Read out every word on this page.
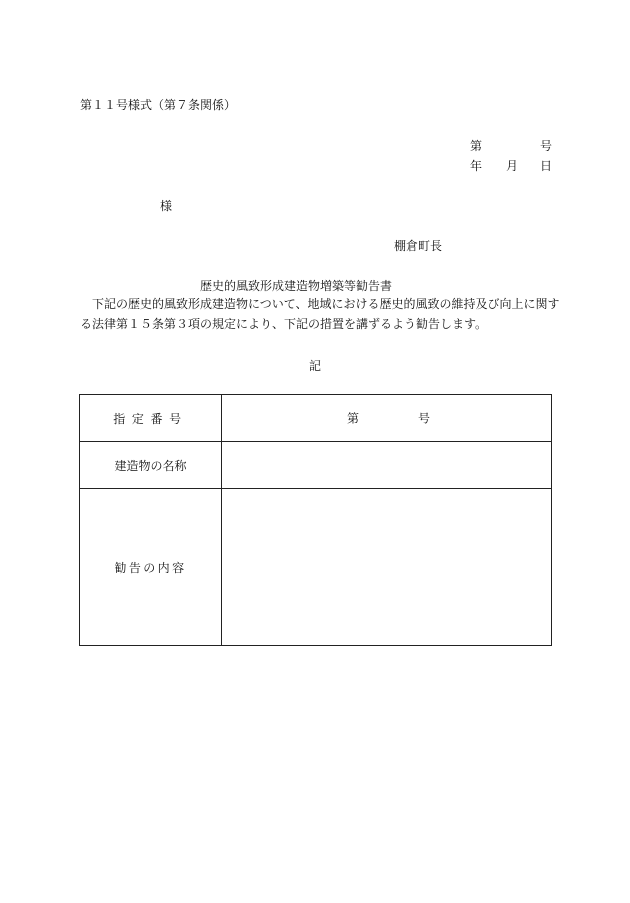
第１１号様式（第７条関係）
第	号
年 月 日
様
棚倉町長
歴史的風致形成建造物増築等勧告書
　下記の歴史的風致形成建造物について、地域における歴史的風致の維持及び向上に関する法律第１５条第３項の規定により、下記の措置を講ずるよう勧告します。
記
指定番号	第 号

建造物の名称	
勧告の内容	
